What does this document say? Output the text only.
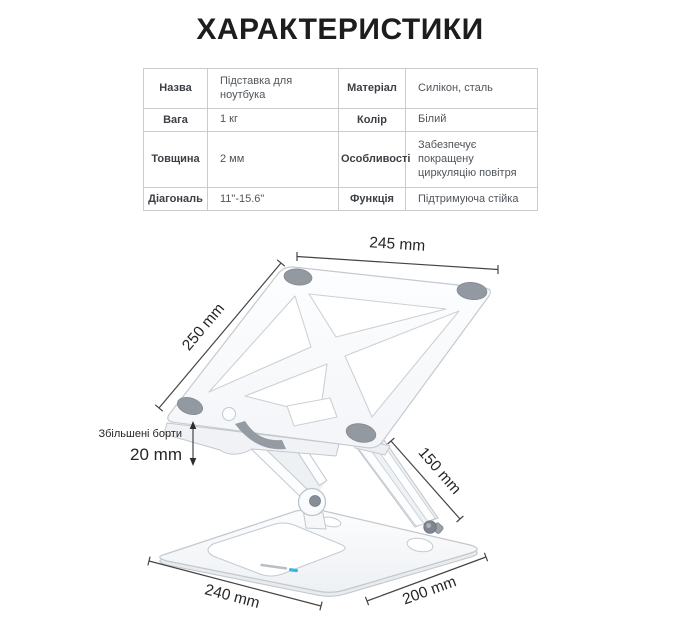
ХАРАКТЕРИСТИКИ
Назва	Підставка для ноутбука	Матеріал	Силікон, сталь
Вага	1 кг	Колір	Білий
Товщина	2 мм	Особливості	Забезпечує покращену циркуляцію повітря
Діагональ	11"-15.6"	Функція	Підтримуюча стійка
245 mm
250 mm
150 mm
240 mm	200 mm
Збільшені борти
20 mm
